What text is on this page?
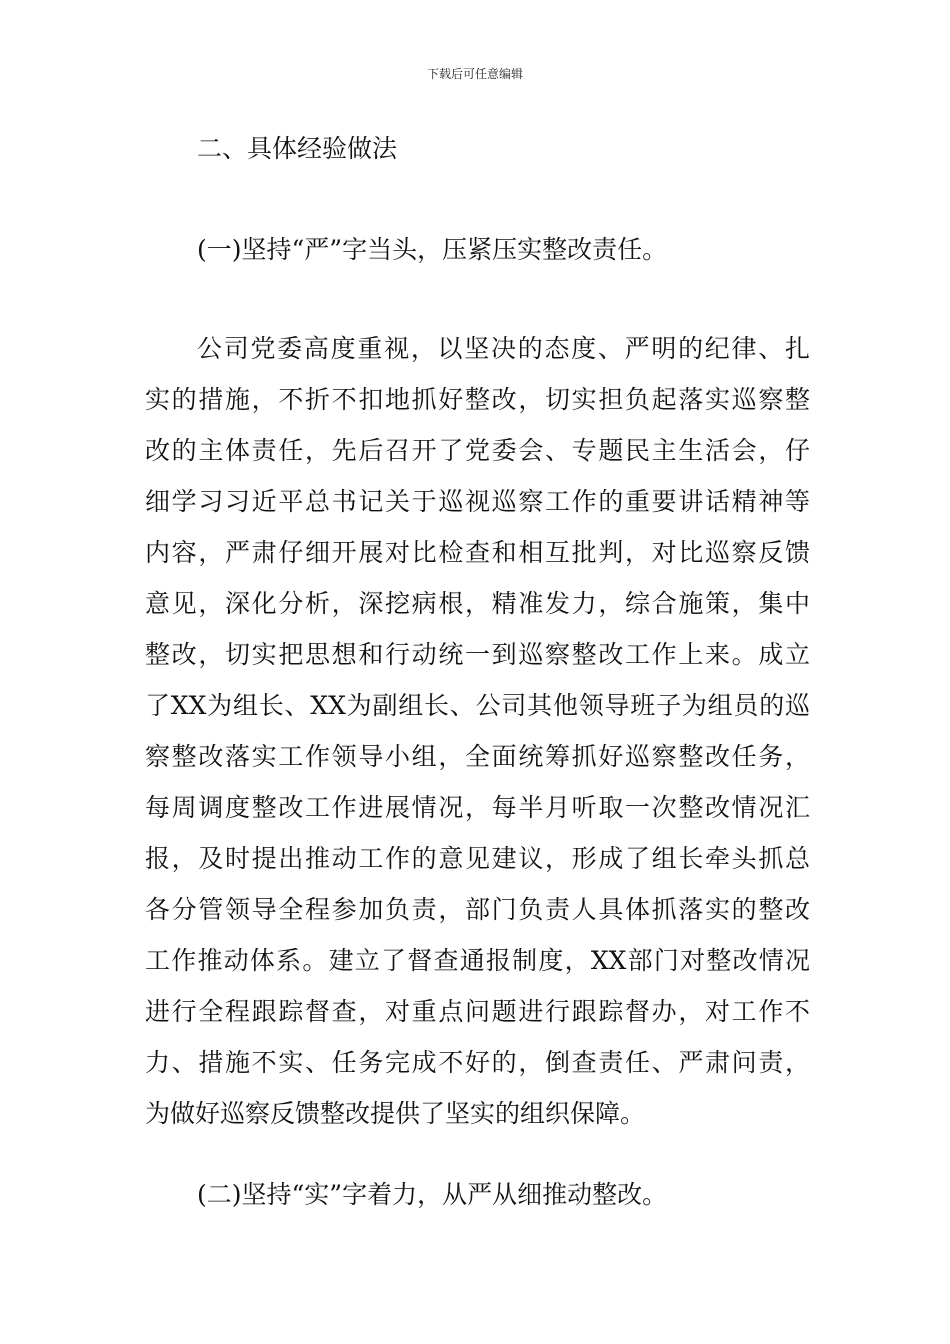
下载后可任意编辑
二、具体经验做法
(一)坚持“严”字当头，压紧压实整改责任。
公司党委高度重视，以坚决的态度、严明的纪律、扎
实的措施，不折不扣地抓好整改，切实担负起落实巡察整
改的主体责任，先后召开了党委会、专题民主生活会，仔
细学习习近平总书记关于巡视巡察工作的重要讲话精神等
内容，严肃仔细开展对比检查和相互批判，对比巡察反馈
意见，深化分析，深挖病根，精准发力，综合施策，集中
整改，切实把思想和行动统一到巡察整改工作上来。成立
了XX为组长、XX为副组长、公司其他领导班子为组员的巡
察整改落实工作领导小组，全面统筹抓好巡察整改任务，
每周调度整改工作进展情况，每半月听取一次整改情况汇
报，及时提出推动工作的意见建议，形成了组长牵头抓总
各分管领导全程参加负责，部门负责人具体抓落实的整改
工作推动体系。建立了督查通报制度，XX部门对整改情况
进行全程跟踪督查，对重点问题进行跟踪督办，对工作不
力、措施不实、任务完成不好的，倒查责任、严肃问责，
为做好巡察反馈整改提供了坚实的组织保障。
(二)坚持“实”字着力，从严从细推动整改。
